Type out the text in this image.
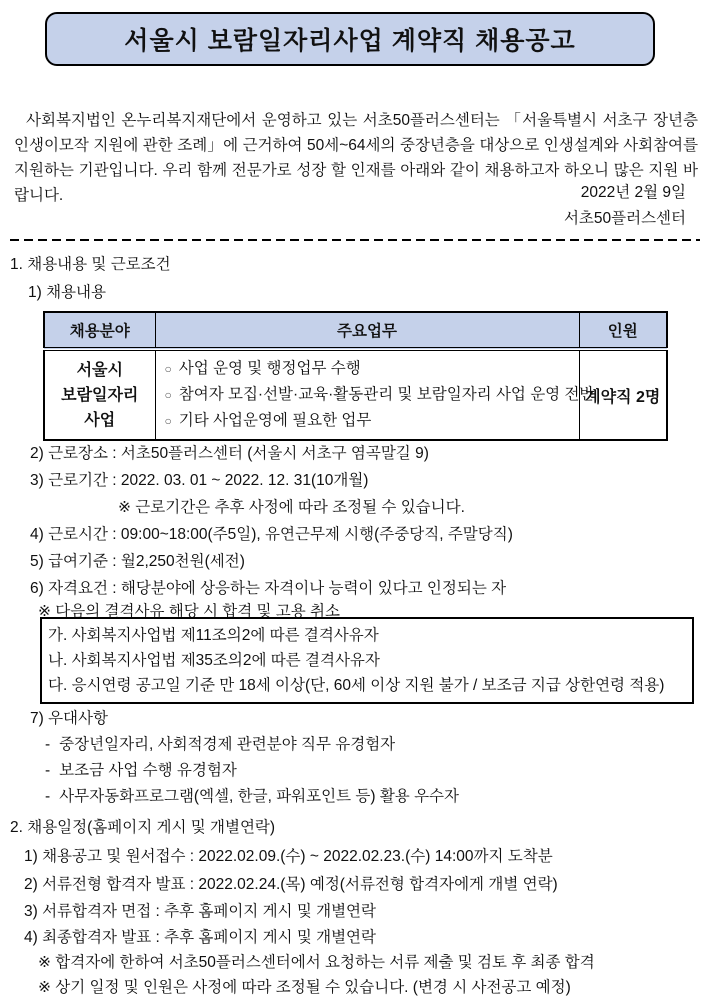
서울시 보람일자리사업 계약직 채용공고

사회복지법인 온누리복지재단에서 운영하고 있는 서초50플러스센터는 「서울특별시 서초구 장년층 인생이모작 지원에 관한 조례」에 근거하여 50세~64세의 중장년층을 대상으로 인생설계와 사회참여를 지원하는 기관입니다. 우리 함께 전문가로 성장 할 인재를 아래와 같이 채용하고자 하오니 많은 지원 바랍니다.	2022년 2월 9일
서초50플러스센터
1. 채용내용 및 근로조건
1) 채용내용
채용분야	주요업무	인원
서울시 보람일자리 사업	○ 사업 운영 및 행정업무 수행
○ 참여자 모집·선발·교육·활동관리 및 보람일자리 사업 운영 전반
○ 기타 사업운영에 필요한 업무	계약직 2명
2) 근로장소 : 서초50플러스센터 (서울시 서초구 염곡말길 9)
3) 근로기간 : 2022. 03. 01 ~ 2022. 12. 31(10개월)
※ 근로기간은 추후 사정에 따라 조정될 수 있습니다.
4) 근로시간 : 09:00~18:00(주5일), 유연근무제 시행(주중당직, 주말당직)
5) 급여기준 : 월2,250천원(세전)
6) 자격요건 : 해당분야에 상응하는 자격이나 능력이 있다고 인정되는 자
※ 다음의 결격사유 해당 시 합격 및 고용 취소
가. 사회복지사업법 제11조의2에 따른 결격사유자
나. 사회복지사업법 제35조의2에 따른 결격사유자
다. 응시연령 공고일 기준 만 18세 이상(단, 60세 이상 지원 불가 / 보조금 지급 상한연령 적용)
7) 우대사항
- 중장년일자리, 사회적경제 관련분야 직무 유경험자
- 보조금 사업 수행 유경험자
- 사무자동화프로그램(엑셀, 한글, 파워포인트 등) 활용 우수자
2. 채용일정(홈페이지 게시 및 개별연락)
1) 채용공고 및 원서접수 : 2022.02.09.(수) ~ 2022.02.23.(수) 14:00까지 도착분
2) 서류전형 합격자 발표 : 2022.02.24.(목) 예정(서류전형 합격자에게 개별 연락)
3) 서류합격자 면접 : 추후 홈페이지 게시 및 개별연락
4) 최종합격자 발표 : 추후 홈페이지 게시 및 개별연락
※ 합격자에 한하여 서초50플러스센터에서 요청하는 서류 제출 및 검토 후 최종 합격
※ 상기 일정 및 인원은 사정에 따라 조정될 수 있습니다. (변경 시 사전공고 예정)
